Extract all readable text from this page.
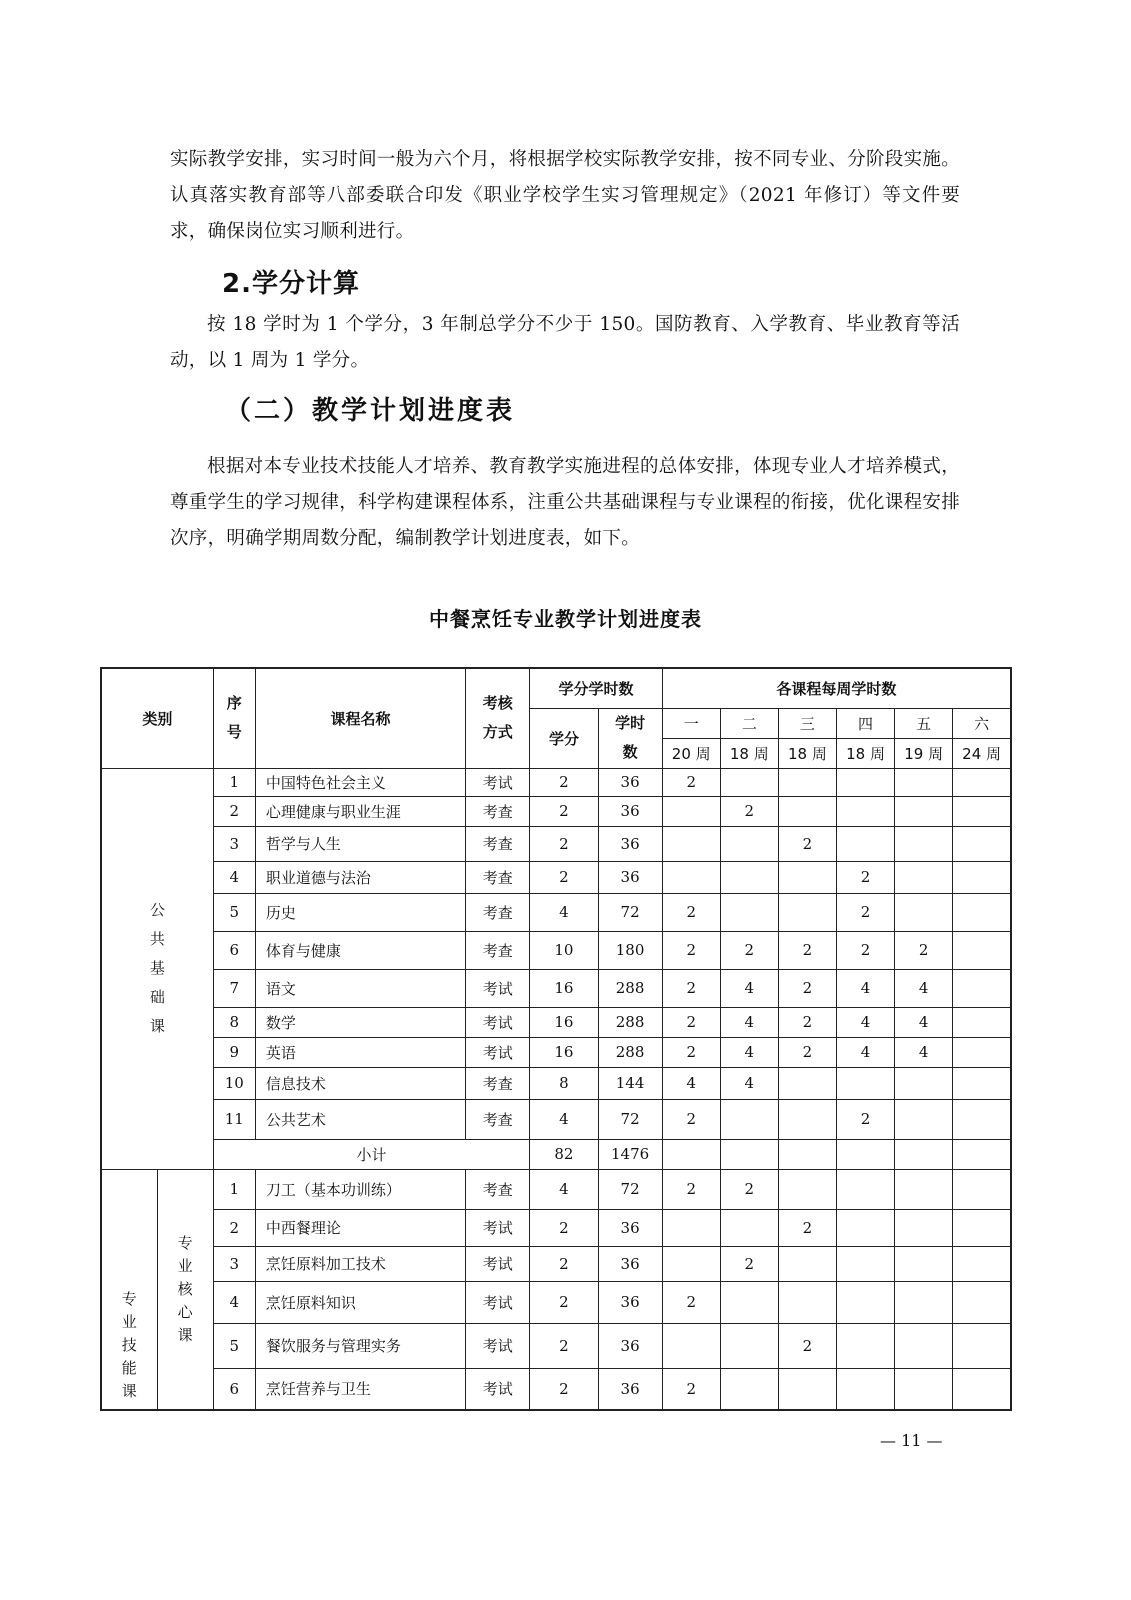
实际教学安排，实习时间一般为六个月，将根据学校实际教学安排，按不同专业、分阶段实施。认真落实教育部等八部委联合印发《职业学校学生实习管理规定》（2021 年修订）等文件要求，确保岗位实习顺利进行。

2.学分计算

按 18 学时为 1 个学分，3 年制总学分不少于 150。国防教育、入学教育、毕业教育等活动，以 1 周为 1 学分。

（二）教学计划进度表

根据对本专业技术技能人才培养、教育教学实施进程的总体安排，体现专业人才培养模式，尊重学生的学习规律，科学构建课程体系，注重公共基础课程与专业课程的衔接，优化课程安排次序，明确学期周数分配，编制教学计划进度表，如下。

中餐烹饪专业教学计划进度表

类别		序号	课程名称	考核方式	学分学时数		各课程每周学时数					
					学分	学时数	一	二	三	四	五	六
							20 周	18 周	18 周	18 周	19 周	24 周
公共基础课		1	中国特色社会主义	考试	2	36	2					
		2	心理健康与职业生涯	考查	2	36		2				
		3	哲学与人生	考查	2	36			2			
		4	职业道德与法治	考查	2	36				2		
		5	历史	考查	4	72	2			2		
		6	体育与健康	考查	10	180	2	2	2	2	2	
		7	语文	考试	16	288	2	4	2	4	4	
		8	数学	考试	16	288	2	4	2	4	4	
		9	英语	考试	16	288	2	4	2	4	4	
		10	信息技术	考查	8	144	4	4				
		11	公共艺术	考查	4	72	2			2		
		小计			82	1476						
专业技能课	专业核心课	1	刀工（基本功训练）	考查	4	72	2	2				
		2	中西餐理论	考试	2	36			2			
		3	烹饪原料加工技术	考试	2	36		2				
		4	烹饪原料知识	考试	2	36	2					
		5	餐饮服务与管理实务	考试	2	36			2			
		6	烹饪营养与卫生	考试	2	36	2					
— 11 —
